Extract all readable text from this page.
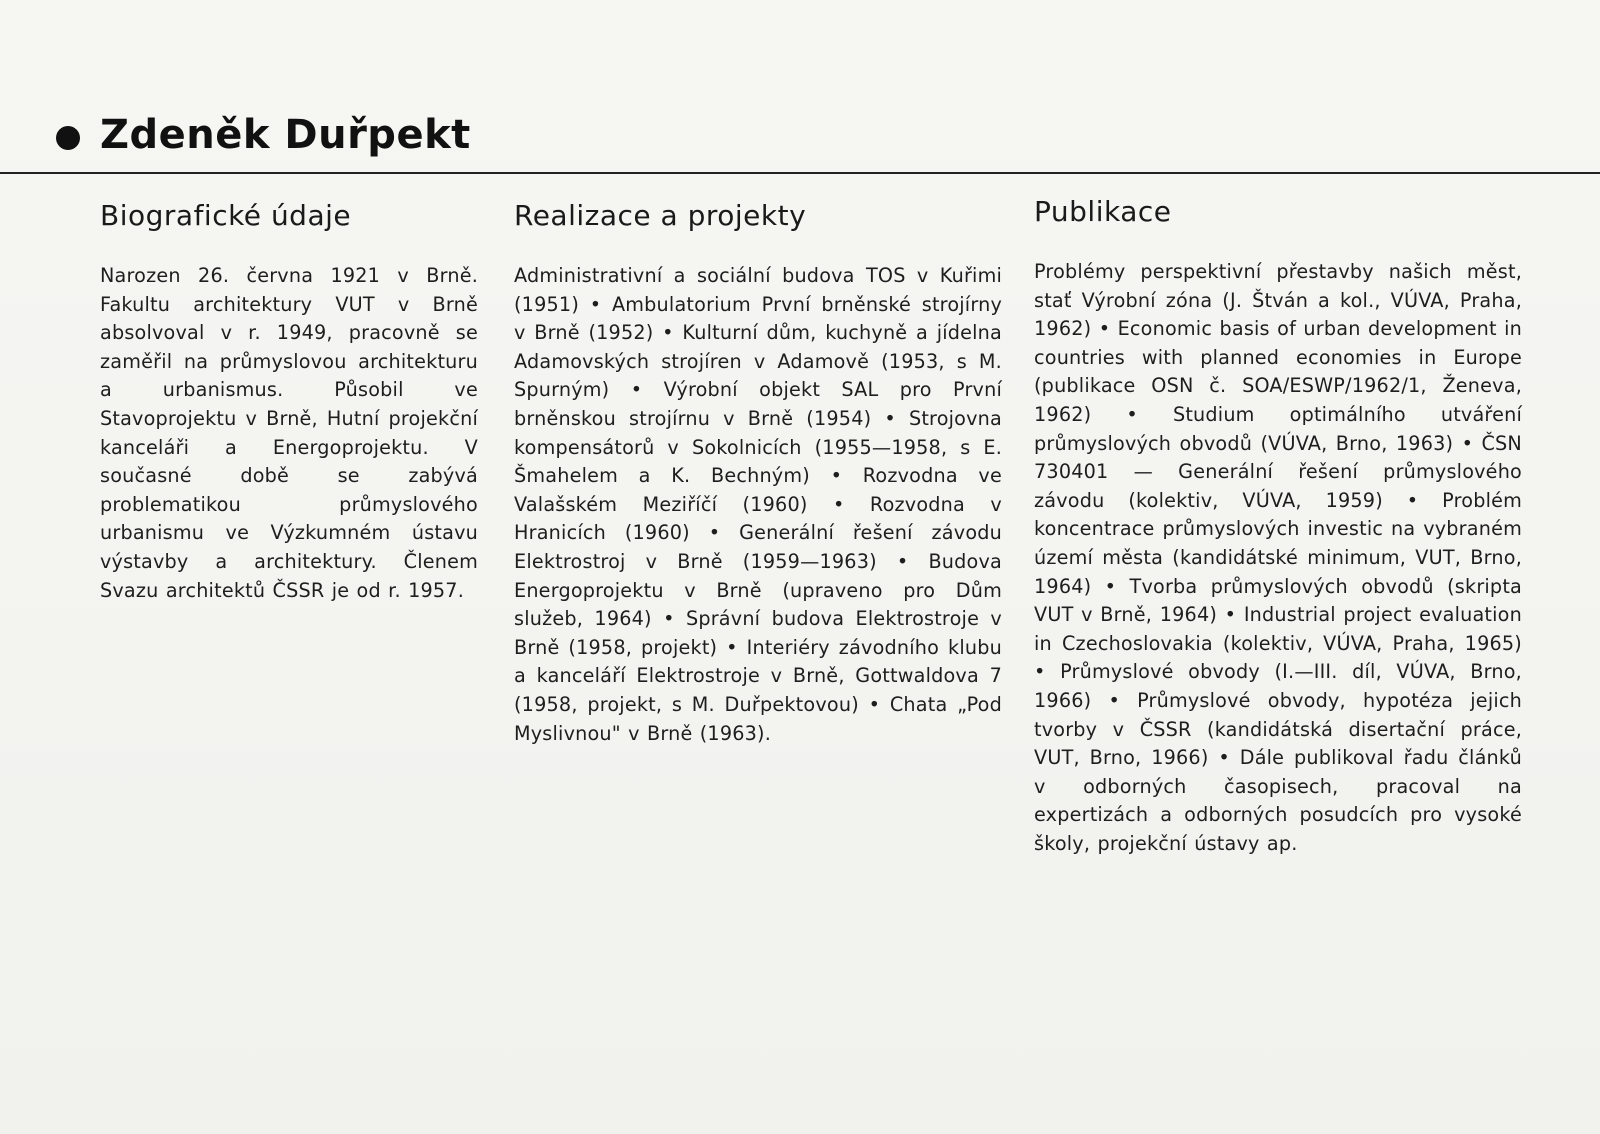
Zdeněk Duřpekt
Biografické údaje

Narozen 26. června 1921 v Brně. Fakultu architektury VUT v Brně absolvoval v r. 1949, pracovně se zaměřil na průmyslovou architekturu a urbanismus. Působil ve Stavoprojektu v Brně, Hutní projekční kanceláři a Energoprojektu. V současné době se zabývá problematikou průmyslového urbanismu ve Výzkumném ústavu výstavby a architektury. Členem Svazu architektů ČSSR je od r. 1957.

Realizace a projekty

Administrativní a sociální budova TOS v Kuřimi (1951) • Ambulatorium První brněnské strojírny v Brně (1952) • Kulturní dům, kuchyně a jídelna Adamovských strojíren v Adamově (1953, s M. Spurným) • Výrobní objekt SAL pro První brněnskou strojírnu v Brně (1954) • Strojovna kompensátorů v Sokolnicích (1955—1958, s E. Šmahelem a K. Bechným) • Rozvodna ve Valašském Meziříčí (1960) • Rozvodna v Hranicích (1960) • Generální řešení závodu Elektrostroj v Brně (1959—1963) • Budova Energoprojektu v Brně (upraveno pro Dům služeb, 1964) • Správní budova Elektrostroje v Brně (1958, projekt) • Interiéry závodního klubu a kanceláří Elektrostroje v Brně, Gottwaldova 7 (1958, projekt, s M. Duřpektovou) • Chata „Pod Myslivnou" v Brně (1963).

Publikace

Problémy perspektivní přestavby našich měst, stať Výrobní zóna (J. Štván a kol., VÚVA, Praha, 1962) • Economic basis of urban development in countries with planned economies in Europe (publikace OSN č. SOA/ESWP/1962/1, Ženeva, 1962) • Studium optimálního utváření průmyslových obvodů (VÚVA, Brno, 1963) • ČSN 730401 — Generální řešení průmyslového závodu (kolektiv, VÚVA, 1959) • Problém koncentrace průmyslových investic na vybraném území města (kandidátské minimum, VUT, Brno, 1964) • Tvorba průmyslových obvodů (skripta VUT v Brně, 1964) • Industrial project evaluation in Czechoslovakia (kolektiv, VÚVA, Praha, 1965) • Průmyslové obvody (I.—III. díl, VÚVA, Brno, 1966) • Průmyslové obvody, hypotéza jejich tvorby v ČSSR (kandidátská disertační práce, VUT, Brno, 1966) • Dále publikoval řadu článků v odborných časopisech, pracoval na expertizách a odborných posudcích pro vysoké školy, projekční ústavy ap.
